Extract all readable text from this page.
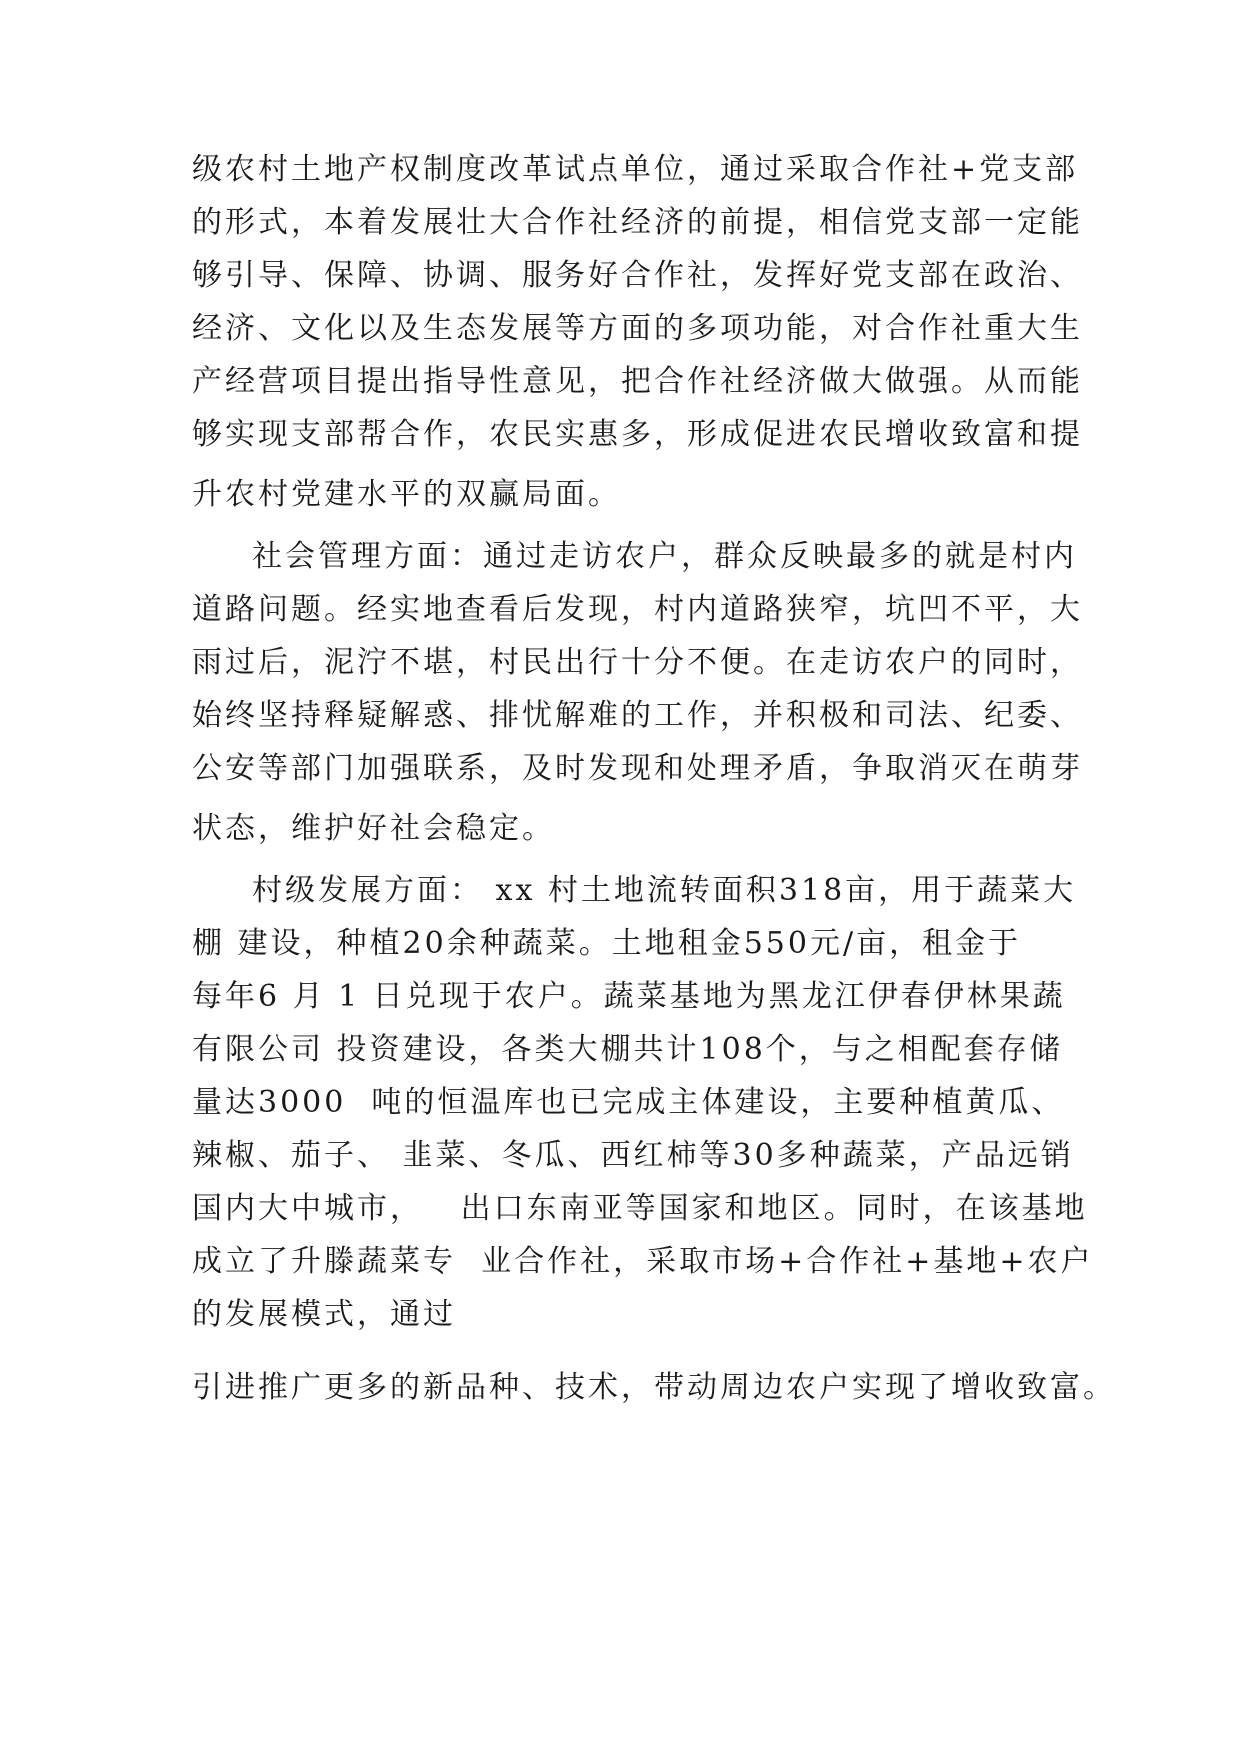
级农村土地产权制度改革试点单位，通过采取合作社+党支部
的形式，本着发展壮大合作社经济的前提，相信党支部一定能
够引导、保障、协调、服务好合作社，发挥好党支部在政治、
经济、文化以及生态发展等方面的多项功能，对合作社重大生
产经营项目提出指导性意见，把合作社经济做大做强。从而能
够实现支部帮合作，农民实惠多，形成促进农民增收致富和提
升农村党建水平的双赢局面。
社会管理方面：通过走访农户，群众反映最多的就是村内
道路问题。经实地查看后发现，村内道路狭窄，坑凹不平，大
雨过后，泥泞不堪，村民出行十分不便。在走访农户的同时，
始终坚持释疑解惑、排忧解难的工作，并积极和司法、纪委、
公安等部门加强联系，及时发现和处理矛盾，争取消灭在萌芽
状态，维护好社会稳定。
村级发展方面： xx 村土地流转面积318亩，用于蔬菜大
棚 建设，种植20余种蔬菜。土地租金550元/亩，租金于
每年6 月 1 日兑现于农户。蔬菜基地为黑龙江伊春伊林果蔬
有限公司 投资建设，各类大棚共计108个，与之相配套存储
量达3000  吨的恒温库也已完成主体建设，主要种植黄瓜、
辣椒、茄子、 韭菜、冬瓜、西红柿等30多种蔬菜，产品远销
国内大中城市，   出口东南亚等国家和地区。同时，在该基地
成立了升滕蔬菜专  业合作社，采取市场+合作社+基地+农户
的发展模式，通过
引进推广更多的新品种、技术，带动周边农户实现了增收致富。
